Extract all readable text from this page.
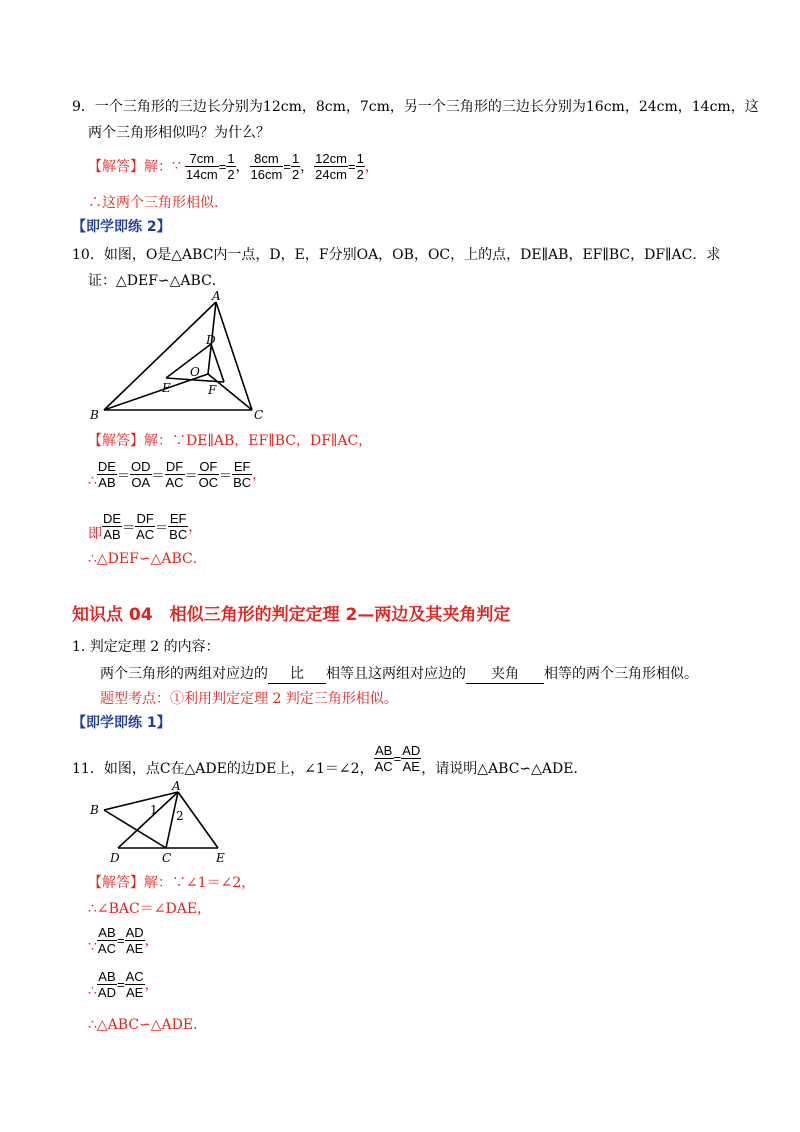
9．一个三角形的三边长分别为12cm，8cm，7cm，另一个三角形的三边长分别为16cm，24cm，14cm，这
两个三角形相似吗？为什么？
【解答】 解： ∵ $\frac{7cm}{14cm} = \frac{1}{2}$ ， $\frac{8cm}{16cm} = \frac{1}{2}$ ， $\frac{12cm}{24cm} = \frac{1}{2}$ ，
∴这两个三角形相似．
【即学即练 2】
10．如图，O是△ABC内一点，D，E，F分别OA，OB，OC，上的点，DE∥AB，EF∥BC，DF∥AC．求
证：△DEF∽△ABC．
A
B	C
D
E	F
O
【解答】解：∵DE∥AB，EF∥BC，DF∥AC，
∴ $\frac{DE}{AB} = \frac{OD}{OA} = \frac{DF}{AC} = \frac{OF}{OC} = \frac{EF}{BC}$ ，
即 $\frac{DE}{AB} = \frac{DF}{AC} = \frac{EF}{BC}$ ，
∴△DEF∽△ABC．
知识点 04　相似三角形的判定定理 2—两边及其夹角判定
1. 判定定理 2 的内容：
两个三角形的两组对应边的 比 相等且这两组对应边的 夹角 相等的两个三角形相似。
题型考点：①利用判定定理 2 判定三角形相似。
【即学即练 1】
11．如图，点C在△ADE的边DE上，∠1＝∠2， $\frac{AB}{AC} = \frac{AD}{AE}$ ，请说明△ABC∽△ADE．
A
B
C
D	E
1 2
【解答】解：∵∠1＝∠2，
∴∠BAC＝∠DAE，
∵ $\frac{AB}{AC} = \frac{AD}{AE}$ ，
∴ $\frac{AB}{AD} = \frac{AC}{AE}$ ，
∴△ABC∽△ADE．
